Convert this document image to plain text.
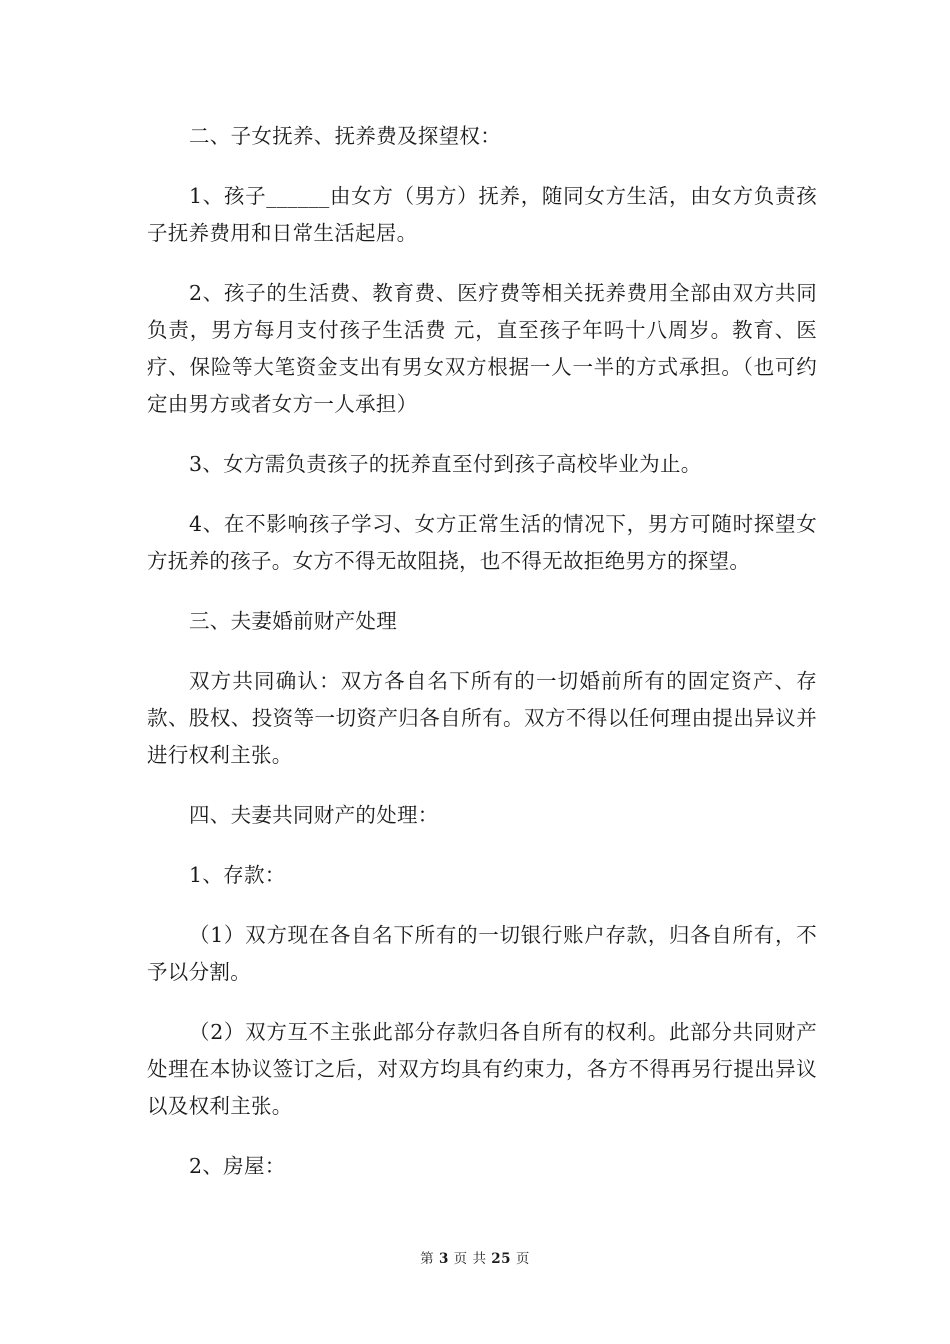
二、子女抚养、抚养费及探望权：

1、孩子______由女方（男方）抚养，随同女方生活，由女方负责孩子抚养费用和日常生活起居。

2、孩子的生活费、教育费、医疗费等相关抚养费用全部由双方共同负责，男方每月支付孩子生活费 元，直至孩子年吗十八周岁。教育、医疗、保险等大笔资金支出有男女双方根据一人一半的方式承担。（也可约定由男方或者女方一人承担）

3、女方需负责孩子的抚养直至付到孩子高校毕业为止。

4、在不影响孩子学习、女方正常生活的情况下，男方可随时探望女方抚养的孩子。女方不得无故阻挠，也不得无故拒绝男方的探望。

三、夫妻婚前财产处理

双方共同确认：双方各自名下所有的一切婚前所有的固定资产、存款、股权、投资等一切资产归各自所有。双方不得以任何理由提出异议并进行权利主张。

四、夫妻共同财产的处理：

1、存款：

（1）双方现在各自名下所有的一切银行账户存款，归各自所有，不予以分割。

（2）双方互不主张此部分存款归各自所有的权利。此部分共同财产处理在本协议签订之后，对双方均具有约束力，各方不得再另行提出异议以及权利主张。

2、房屋：

第 3 页 共 25 页
